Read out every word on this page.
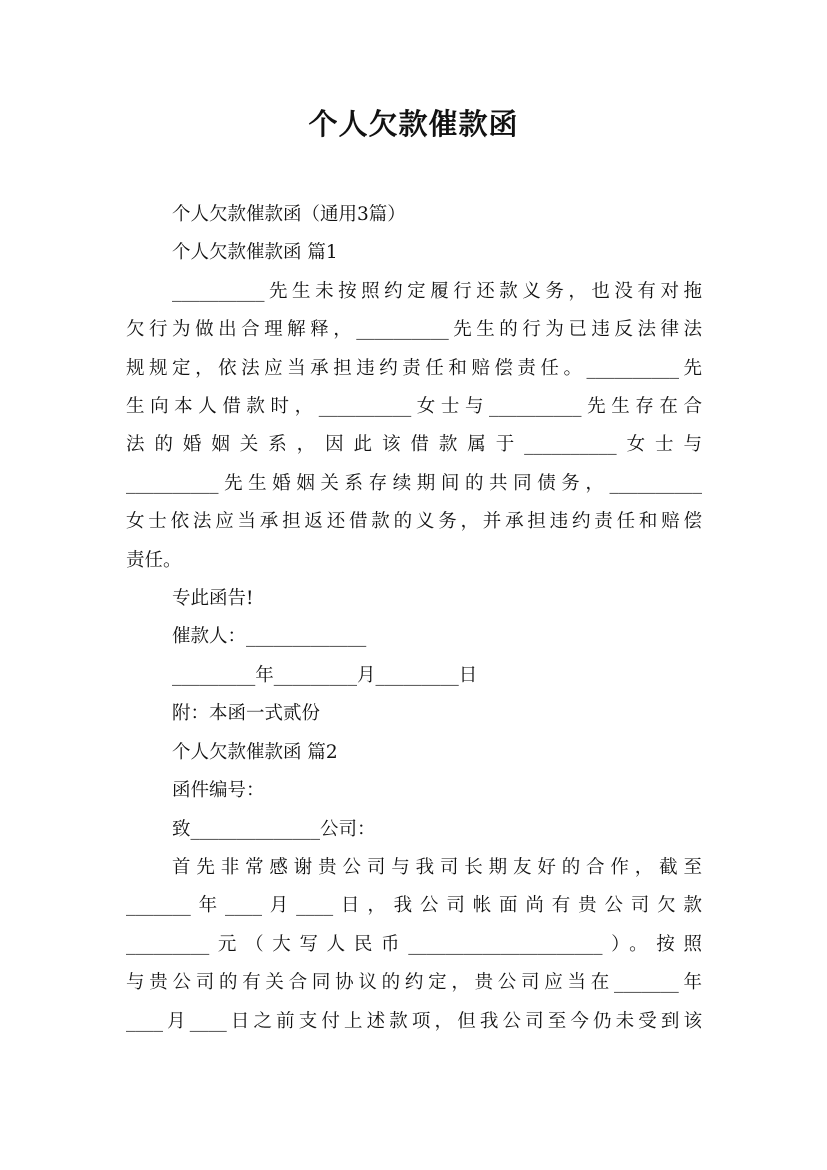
个人欠款催款函
个人欠款催款函（通用3篇）
个人欠款催款函 篇1
__________先生未按照约定履行还款义务，也没有对拖
欠行为做出合理解释，__________先生的行为已违反法律法
规规定，依法应当承担违约责任和赔偿责任。__________先
生向本人借款时，__________女士与__________先生存在合
法的婚姻关系，因此该借款属于__________女士与
__________先生婚姻关系存续期间的共同债务，__________
女士依法应当承担返还借款的义务，并承担违约责任和赔偿
责任。
专此函告!
催款人：_____________
_________年_________月_________日
附：本函一式贰份
个人欠款催款函 篇2
函件编号：
致______________公司：
首先非常感谢贵公司与我司长期友好的合作，截至
_______年____月____日，我公司帐面尚有贵公司欠款
_________元（大写人民币_____________________）。按照
与贵公司的有关合同协议的约定，贵公司应当在_______年
____月____日之前支付上述款项，但我公司至今仍未受到该
